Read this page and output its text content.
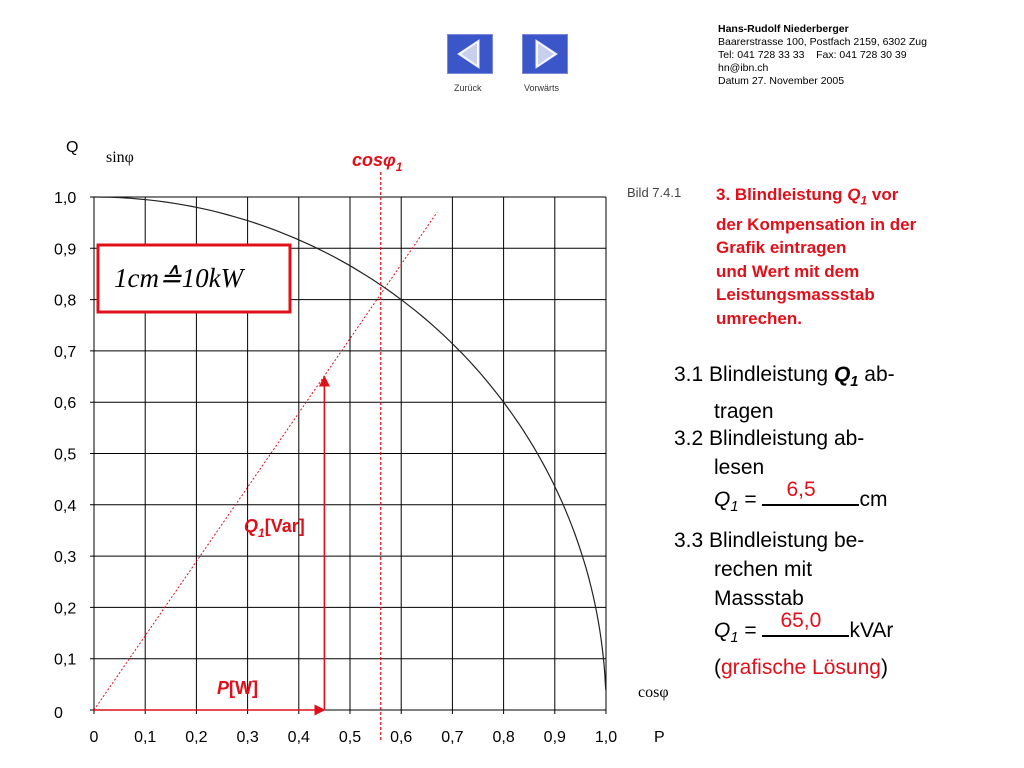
Zurück	Vorwärts
Hans-Rudolf Niederberger
Baarerstrasse 100, Postfach 2159, 6302 Zug
Tel: 041 728 33 33    Fax: 041 728 30 39
hn@ibn.ch
Datum 27. November 2005
0 0,1 0,2 0,3 0,4 0,5 0,6 0,7 0,8 0,9 1,0
0
0,1
0,2
0,3
0,4
0,5
0,6
0,7
0,8
0,9
1,0
Q
sinφ
cosφ
P
Bild 7.4.1
cosφ$_1$
1cm≙10kW
$Q_1[Var]$
P[W]
3. Blindleistung $Q_1$ vor
der Kompensation in der
Grafik eintragen
und Wert mit dem
Leistungsmassstab
umrechen.
3.1 Blindleistung $Q_1$ ab-
tragen
3.2 Blindleistung ab-
lesen
$Q_1 = 6,5$ cm
3.3 Blindleistung be-
rechen mit
Massstab
$Q_1 = 65,0$ kVAr
(grafische Lösung)
